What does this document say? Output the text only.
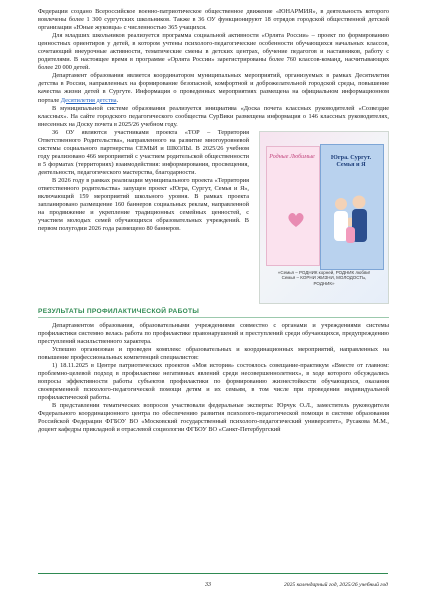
Федерации создано Всероссийское военно-патриотическое общественное движение «ЮНАРМИЯ», в деятельность которого вовлечены более 1 300 сургутских школьников. Также в 36 ОУ функционируют 18 отрядов городской общественной детской организации «Юные жуковцы» с численностью 365 учащихся.

Для младших школьников реализуется программа социальной активности «Орлята России» – проект по формированию ценностных ориентиров у детей, в котором учтены психолого-педагогические особенности обучающихся начальных классов, сочетающий внеурочные активности, тематические смены в детских центрах, обучение педагогов и наставников, работу с родителями. В настоящее время в программе «Орлята России» зарегистрированы более 760 классов-команд, насчитывающих более 20 000 детей.

Департамент образования является координатором муниципальных мероприятий, организуемых в рамках Десятилетия детства в России, направленных на формирование безопасной, комфортной и доброжелательной городской среды, повышение качества жизни детей в Сургуте. Информация о проведенных мероприятиях размещена на официальном информационном портале Десятилетия детства.

В муниципальной системе образования реализуется инициатива «Доска почета классных руководителей «Созвездие классных». На сайте городского педагогического сообщества СурВики размещена информация о 146 классных руководителях, внесенных на Доску почета в 2025/26 учебном году.

Родные Любимые	Югра. Сургут. Семья и Я
«Семья – РОДНИК корней, РОДНИК любви! Семья – КОРНИ ЖИЗНИ, МОЛОДОСТЬ, РОДНИК»

36 ОУ являются участниками проекта «ТОР – Территория Ответственного Родительства», направленного на развитие многоуровневой системы социального партнерства СЕМЬИ и ШКОЛЫ. В 2025/26 учебном году реализовано 466 мероприятий с участием родительской общественности в 5 форматах (территориях) взаимодействия: информирования, просвещения, деятельности, педагогического мастерства, благодарности.

В 2026 году в рамках реализации муниципального проекта «Территория ответственного родительства» запущен проект «Югра, Сургут, Семья и Я», включающий 159 мероприятий школьного уровня. В рамках проекта запланировано размещение 160 баннеров социальных реклам, направленной на продвижение и укрепление традиционных семейных ценностей, с участием молодых семей обучающихся образовательных учреждений. В первом полугодии 2026 года размещено 80 баннеров.

РЕЗУЛЬТАТЫ ПРОФИЛАКТИЧЕСКОЙ РАБОТЫ

Департаментом образования, образовательными учреждениями совместно с органами и учреждениями системы профилактики системно велась работа по профилактике правонарушений и преступлений среди обучающихся, предупреждению преступлений насильственного характера.

Успешно организован и проведен комплекс образовательных и координационных мероприятий, направленных на повышение профессиональных компетенций специалистов:

1) 18.11.2025 в Центре патриотических проектов «Моя история» состоялось совещание-практикум «Вместе от главном: проблемно-целевой подход в профилактике негативных явлений среди несовершеннолетних», в ходе которого обсуждались вопросы эффективности работы субъектов профилактики по формированию жизнестойкости обучающихся, оказания своевременной психолого-педагогической помощи детям и их семьям, в том числе при проведении индивидуальной профилактической работы.

В представлении тематических вопросов участвовали федеральные эксперты: Юрчук О.Л., заместитель руководителя Федерального координационного центра по обеспечению развития психолого-педагогической помощи в системе образования Российской Федерации ФГБОУ ВО «Московский государственный психолого-педагогический университет», Русакова М.М., доцент кафедры прикладной и отраслевой социологии ФГБОУ ВО «Санкт-Петербургский

33	2025 календарный год, 2025/26 учебный год
